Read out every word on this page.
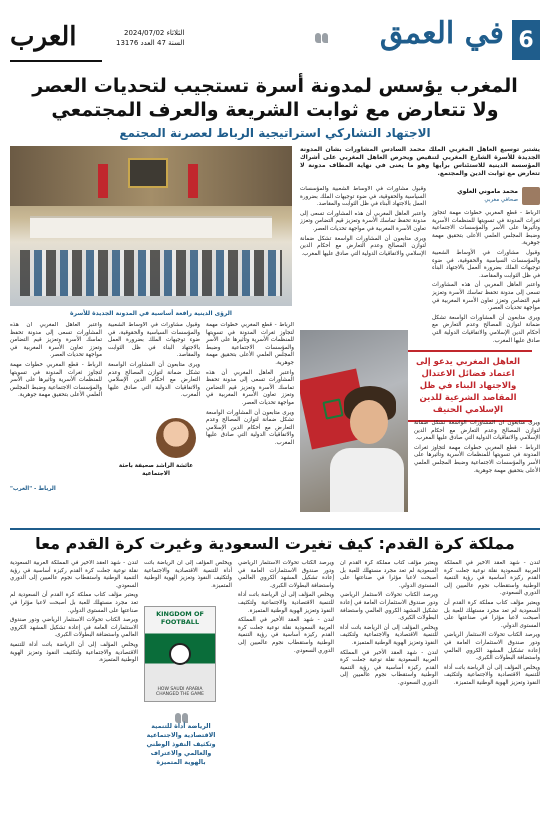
6
في العمق
الثلاثاء 2024/07/02
السنة 47 العدد 13176
العرب
المغرب يؤسس لمدونة أسرة تستجيب لتحديات العصر ولا تتعارض مع ثوابت الشريعة والعرف المجتمعي
الاجتهاد التشاركي استراتيجية الرباط لعصرنة المجتمع
يشتبر توسيع العاهل المغربي الملك محمد السادس المشاورات بشأن المدونة الجديدة للأسرة الشارع المغربي لتنقيص ويحرص العاهل المغربي على أشراك المؤسسة الدينية للاستئناس برأيها وهو ما يعنى في نهاية المطاف مدونة لا تتعارض مع ثوابت الدين والمجتمع.
محمد ماموني العلوي
صحافي مغربي

الرباط - قطع المغربي خطوات مهمة لتجاوز ثغرات المدونة في تسويتها للمنظمات الأسرية وتأثيرها على الأسر والمؤسسات الاجتماعية وضبط المجلس العلمي الأعلى بتحقيق مهمة جوهرية.

وقبول مشاورات في الأوساط الشعبية والمؤسسات السياسية والحقوقية، في ضوء توجيهات الملك بضرورة العمل بالاجتهاد البناء في ظل الثوابت والمقاصد.

واعتبر العاهل المغربي أن هذه المشاورات تسعى إلى مدونة تحفظ تماسك الأسرة وتعزيز قيم التضامن وتعزز تعاون الأسرة المغربية في مواجهة تحديات العصر.

ويرى متابعون أن المشاورات الواسعة تشكل ضمانة لتوازن المصالح وعدم التعارض مع أحكام الدين الإسلامي والاتفاقيات الدولية التي صادق عليها المغرب.

وقبول مشاورات في الأوساط الشعبية والمؤسسات السياسية والحقوقية، في ضوء توجيهات الملك بضرورة العمل بالاجتهاد البناء في ظل الثوابت والمقاصد.

واعتبر العاهل المغربي أن هذه المشاورات تسعى إلى مدونة تحفظ تماسك الأسرة وتعزيز قيم التضامن وتعزز تعاون الأسرة المغربية في مواجهة تحديات العصر.

ويرى متابعون أن المشاورات الواسعة تشكل ضمانة لتوازن المصالح وعدم التعارض مع أحكام الدين الإسلامي والاتفاقيات الدولية التي صادق عليها المغرب.

الرؤى الدينية رافعة أساسية في المدونة الجديدة للأسرة

الرباط - قطع المغربي خطوات مهمة لتجاوز ثغرات المدونة في تسويتها للمنظمات الأسرية وتأثيرها على الأسر والمؤسسات الاجتماعية وضبط المجلس العلمي الأعلى بتحقيق مهمة جوهرية.

واعتبر العاهل المغربي أن هذه المشاورات تسعى إلى مدونة تحفظ تماسك الأسرة وتعزيز قيم التضامن وتعزز تعاون الأسرة المغربية في مواجهة تحديات العصر.

ويرى متابعون أن المشاورات الواسعة تشكل ضمانة لتوازن المصالح وعدم التعارض مع أحكام الدين الإسلامي والاتفاقيات الدولية التي صادق عليها المغرب.

وقبول مشاورات في الأوساط الشعبية والمؤسسات السياسية والحقوقية، في ضوء توجيهات الملك بضرورة العمل بالاجتهاد البناء في ظل الثوابت والمقاصد.

ويرى متابعون أن المشاورات الواسعة تشكل ضمانة لتوازن المصالح وعدم التعارض مع أحكام الدين الإسلامي والاتفاقيات الدولية التي صادق عليها المغرب.

واعتبر العاهل المغربي أن هذه المشاورات تسعى إلى مدونة تحفظ تماسك الأسرة وتعزيز قيم التضامن وتعزز تعاون الأسرة المغربية في مواجهة تحديات العصر.

الرباط - قطع المغربي خطوات مهمة لتجاوز ثغرات المدونة في تسويتها للمنظمات الأسرية وتأثيرها على الأسر والمؤسسات الاجتماعية وضبط المجلس العلمي الأعلى بتحقيق مهمة جوهرية.

عائشة الراشد صحيفة باحثة الاجتماعية
الرباط - "العرب"
العاهل المغربي يدعو إلى اعتماد فضائل الاعتدال والاجتهاد البناء في ظل المقاصد الشرعية للدين الإسلامي الحنيف

ويرى متابعون أن المشاورات الواسعة تشكل ضمانة لتوازن المصالح وعدم التعارض مع أحكام الدين الإسلامي والاتفاقيات الدولية التي صادق عليها المغرب.

الرباط - قطع المغربي خطوات مهمة لتجاوز ثغرات المدونة في تسويتها للمنظمات الأسرية وتأثيرها على الأسر والمؤسسات الاجتماعية وضبط المجلس العلمي الأعلى بتحقيق مهمة جوهرية.

مملكة كرة القدم: كيف تغيرت السعودية وغيرت كرة القدم معا

لندن - شهد العقد الأخير في المملكة العربية السعودية نقلة نوعية جعلت كرة القدم ركيزة أساسية في رؤية التنمية الوطنية واستقطاب نجوم عالميين إلى الدوري السعودي.

ويعتبر مؤلف كتاب مملكة كرة القدم أن السعودية لم تعد مجرد مستهلك للعبة بل أصبحت لاعبا مؤثرا في صناعتها على المستوى الدولي.

ويرصد الكتاب تحولات الاستثمار الرياضي ودور صندوق الاستثمارات العامة في إعادة تشكيل المشهد الكروي العالمي واستضافة البطولات الكبرى.

ويخلص المؤلف إلى أن الرياضة باتت أداة للتنمية الاقتصادية والاجتماعية ولتكثيف النفوذ وتعزيز الهوية الوطنية المتميزة.

ويعتبر مؤلف كتاب مملكة كرة القدم أن السعودية لم تعد مجرد مستهلك للعبة بل أصبحت لاعبا مؤثرا في صناعتها على المستوى الدولي.

ويرصد الكتاب تحولات الاستثمار الرياضي ودور صندوق الاستثمارات العامة في إعادة تشكيل المشهد الكروي العالمي واستضافة البطولات الكبرى.

ويخلص المؤلف إلى أن الرياضة باتت أداة للتنمية الاقتصادية والاجتماعية ولتكثيف النفوذ وتعزيز الهوية الوطنية المتميزة.

لندن - شهد العقد الأخير في المملكة العربية السعودية نقلة نوعية جعلت كرة القدم ركيزة أساسية في رؤية التنمية الوطنية واستقطاب نجوم عالميين إلى الدوري السعودي.

ويرصد الكتاب تحولات الاستثمار الرياضي ودور صندوق الاستثمارات العامة في إعادة تشكيل المشهد الكروي العالمي واستضافة البطولات الكبرى.

ويخلص المؤلف إلى أن الرياضة باتت أداة للتنمية الاقتصادية والاجتماعية ولتكثيف النفوذ وتعزيز الهوية الوطنية المتميزة.

لندن - شهد العقد الأخير في المملكة العربية السعودية نقلة نوعية جعلت كرة القدم ركيزة أساسية في رؤية التنمية الوطنية واستقطاب نجوم عالميين إلى الدوري السعودي.

ويخلص المؤلف إلى أن الرياضة باتت أداة للتنمية الاقتصادية والاجتماعية ولتكثيف النفوذ وتعزيز الهوية الوطنية المتميزة.

KINGDOM OF FOOTBALL
HOW SAUDI ARABIA CHANGED THE GAME
الرياضة أداة للتنمية الاقتصادية والاجتماعية وتكثيف النفوذ الوطني والعالمي والاعتراف بالهوية المتميزة

لندن - شهد العقد الأخير في المملكة العربية السعودية نقلة نوعية جعلت كرة القدم ركيزة أساسية في رؤية التنمية الوطنية واستقطاب نجوم عالميين إلى الدوري السعودي.

ويعتبر مؤلف كتاب مملكة كرة القدم أن السعودية لم تعد مجرد مستهلك للعبة بل أصبحت لاعبا مؤثرا في صناعتها على المستوى الدولي.

ويرصد الكتاب تحولات الاستثمار الرياضي ودور صندوق الاستثمارات العامة في إعادة تشكيل المشهد الكروي العالمي واستضافة البطولات الكبرى.

ويخلص المؤلف إلى أن الرياضة باتت أداة للتنمية الاقتصادية والاجتماعية ولتكثيف النفوذ وتعزيز الهوية الوطنية المتميزة.
